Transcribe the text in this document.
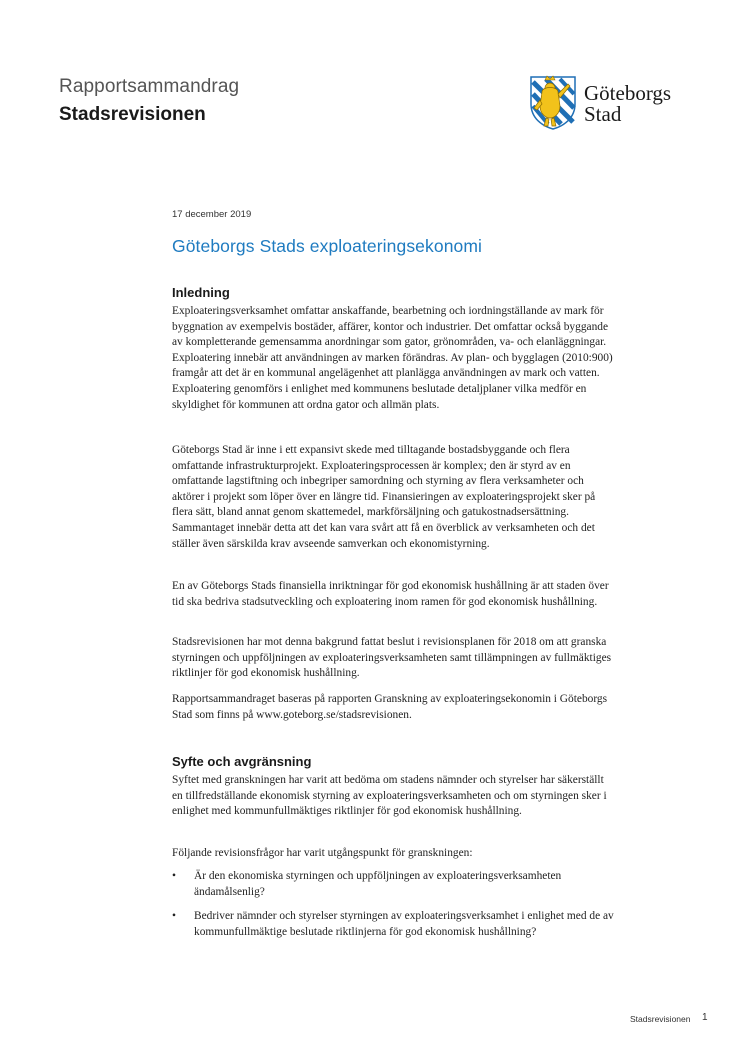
Rapportsammandrag
Stadsrevisionen
Göteborgs
Stad
17 december 2019
Göteborgs Stads exploateringsekonomi
Inledning

Exploateringsverksamhet omfattar anskaffande, bearbetning och iordningställande av mark för byggnation av exempelvis bostäder, affärer, kontor och industrier. Det omfattar också byggande av kompletterande gemensamma anordningar som gator, grönområden, va- och elanläggningar. Exploatering innebär att användningen av marken förändras. Av plan- och bygglagen (2010:900) framgår att det är en kommunal angelägenhet att planlägga användningen av mark och vatten. Exploatering genomförs i enlighet med kommunens beslutade detaljplaner vilka medför en skyldighet för kommunen att ordna gator och allmän plats.

Göteborgs Stad är inne i ett expansivt skede med tilltagande bostadsbyggande och flera omfattande infrastrukturprojekt. Exploateringsprocessen är komplex; den är styrd av en omfattande lagstiftning och inbegriper samordning och styrning av flera verksamheter och aktörer i projekt som löper över en längre tid. Finansieringen av exploateringsprojekt sker på flera sätt, bland annat genom skattemedel, markförsäljning och gatukostnadsersättning. Sammantaget innebär detta att det kan vara svårt att få en överblick av verksamheten och det ställer även särskilda krav avseende samverkan och ekonomistyrning.

En av Göteborgs Stads finansiella inriktningar för god ekonomisk hushållning är att staden över tid ska bedriva stadsutveckling och exploatering inom ramen för god ekonomisk hushållning.

Stadsrevisionen har mot denna bakgrund fattat beslut i revisionsplanen för 2018 om att granska styrningen och uppföljningen av exploateringsverksamheten samt tillämpningen av fullmäktiges riktlinjer för god ekonomisk hushållning.

Rapportsammandraget baseras på rapporten Granskning av exploateringsekonomin i Göteborgs Stad som finns på www.goteborg.se/stadsrevisionen.

Syfte och avgränsning

Syftet med granskningen har varit att bedöma om stadens nämnder och styrelser har säkerställt en tillfredställande ekonomisk styrning av exploateringsverksamheten och om styrningen sker i enlighet med kommunfullmäktiges riktlinjer för god ekonomisk hushållning.

Följande revisionsfrågor har varit utgångspunkt för granskningen:

• Är den ekonomiska styrningen och uppföljningen av exploateringsverksamheten ändamålsenlig?
• Bedriver nämnder och styrelser styrningen av exploateringsverksamhet i enlighet med de av kommunfullmäktige beslutade riktlinjerna för god ekonomisk hushållning?
Stadsrevisionen 1
